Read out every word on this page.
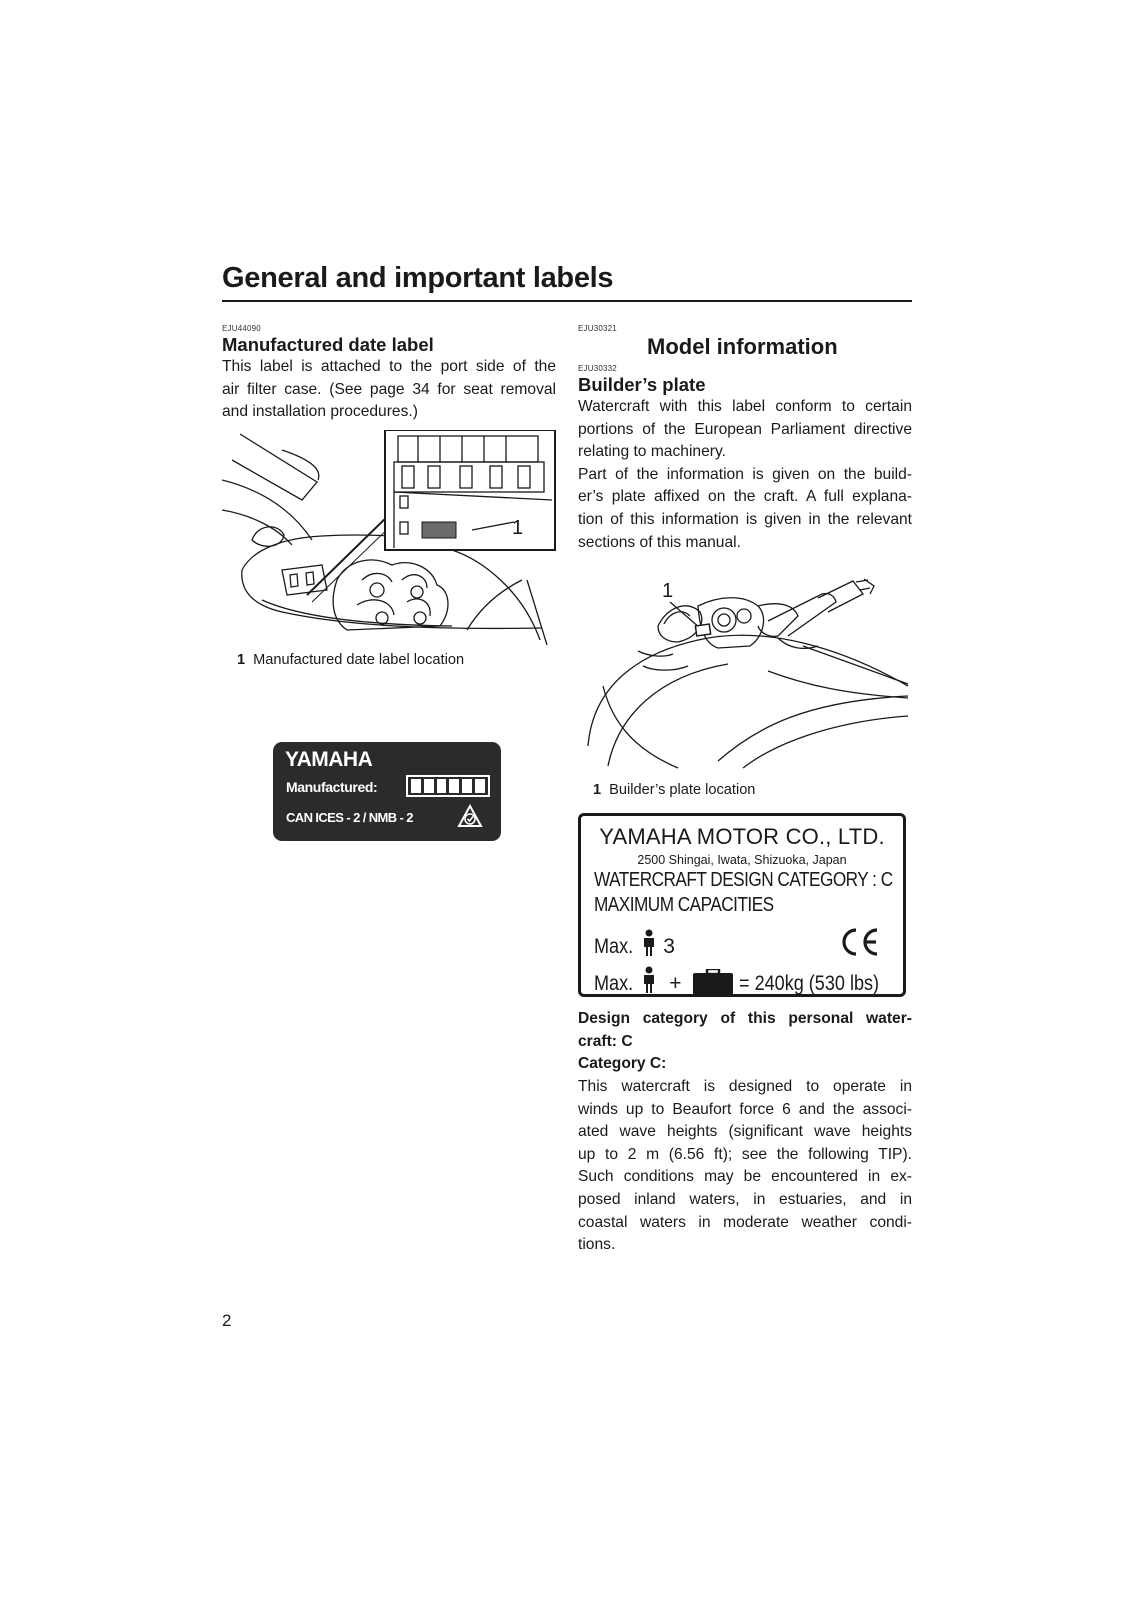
General and important labels
EJU44090
Manufactured date label
This label is attached to the port side of the
air filter case. (See page 34 for seat removal
and installation procedures.)
1
1 Manufactured date label location
YAMAHA
Manufactured:
CAN ICES - 2 / NMB - 2
EJU30321
Model information
EJU30332
Builder’s plate
Watercraft with this label conform to certain
portions of the European Parliament directive
relating to machinery.
Part of the information is given on the build-
er’s plate affixed on the craft. A full explana-
tion of this information is given in the relevant
sections of this manual.
1
1 Builder’s plate location
YAMAHA MOTOR CO., LTD.
2500 Shingai, Iwata, Shizuoka, Japan
WATERCRAFT DESIGN CATEGORY : C
MAXIMUM CAPACITIES
Max. 3
Max. +	= 240kg (530 lbs)
Design category of this personal water-
craft: C
Category C:
This watercraft is designed to operate in
winds up to Beaufort force 6 and the associ-
ated wave heights (significant wave heights
up to 2 m (6.56 ft); see the following TIP).
Such conditions may be encountered in ex-
posed inland waters, in estuaries, and in
coastal waters in moderate weather condi-
tions.
2
